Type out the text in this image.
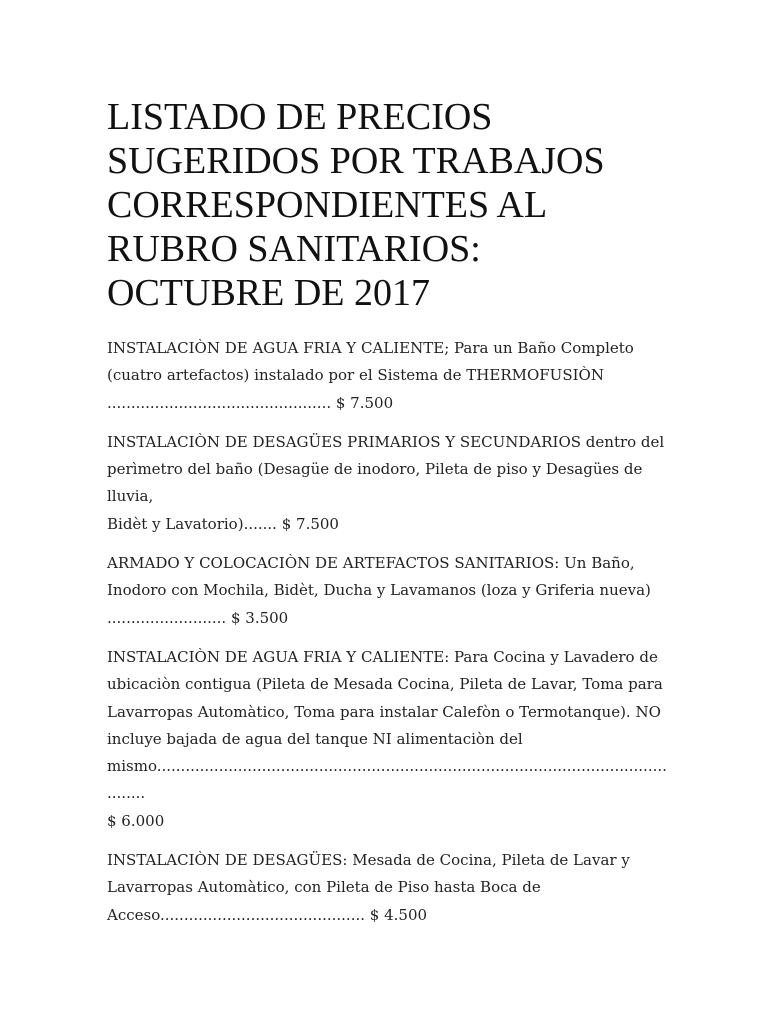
LISTADO DE PRECIOS
SUGERIDOS POR TRABAJOS
CORRESPONDIENTES AL
RUBRO SANITARIOS:
OCTUBRE DE 2017

INSTALACIÒN DE AGUA FRIA Y CALIENTE; Para un Baño Completo
(cuatro artefactos) instalado por el Sistema de THERMOFUSIÒN
............................................... $ 7.500

INSTALACIÒN DE DESAGÜES PRIMARIOS Y SECUNDARIOS dentro del
perìmetro del baño (Desagüe de inodoro, Pileta de piso y Desagües de lluvia,
Bidèt y Lavatorio)....... $ 7.500

ARMADO Y COLOCACIÒN DE ARTEFACTOS SANITARIOS: Un Baño,
Inodoro con Mochila, Bidèt, Ducha y Lavamanos (loza y Griferia nueva)
......................... $ 3.500

INSTALACIÒN DE AGUA FRIA Y CALIENTE: Para Cocina y Lavadero de
ubicaciòn contigua (Pileta de Mesada Cocina, Pileta de Lavar, Toma para
Lavarropas Automàtico, Toma para instalar Calefòn o Termotanque). NO
incluye bajada de agua del tanque NI alimentaciòn del
mismo...................................................................................................................
$ 6.000

INSTALACIÒN DE DESAGÜES: Mesada de Cocina, Pileta de Lavar y
Lavarropas Automàtico, con Pileta de Piso hasta Boca de
Acceso........................................... $ 4.500
